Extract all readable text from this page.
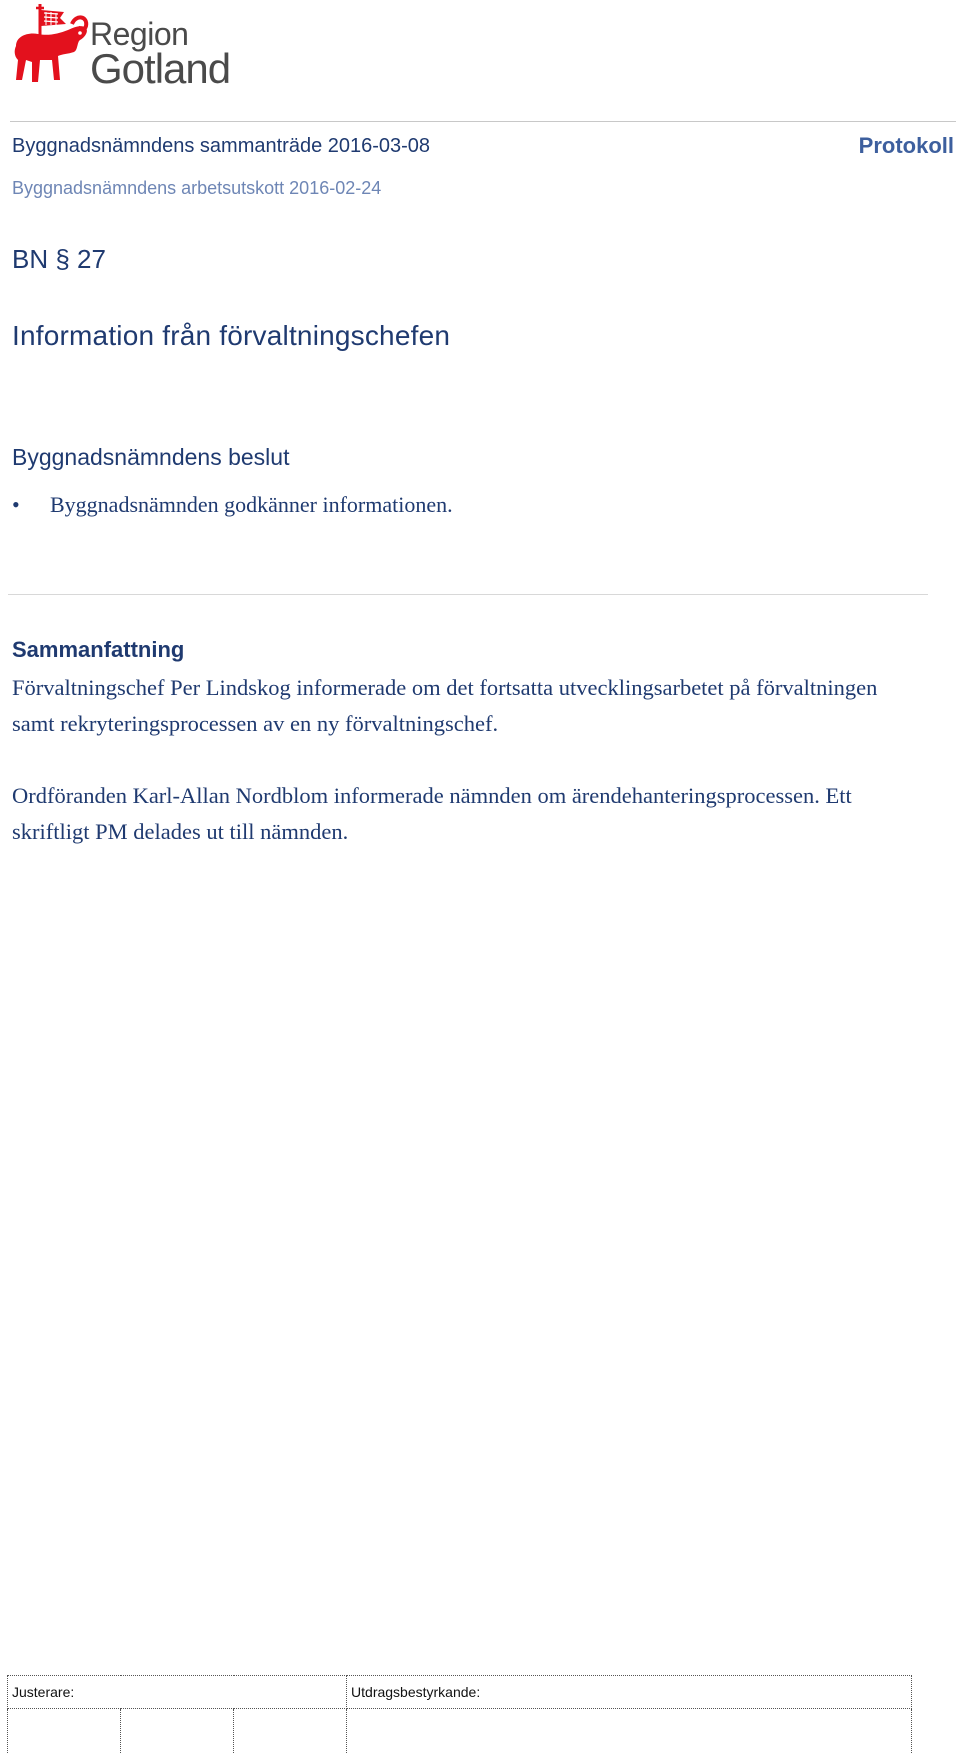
Region
Gotland
Byggnadsnämndens sammanträde 2016-03-08	Protokoll
Byggnadsnämndens arbetsutskott 2016-02-24
BN § 27
Information från förvaltningschefen
Byggnadsnämndens beslut
• Byggnadsnämnden godkänner informationen.
Sammanfattning

Förvaltningschef Per Lindskog informerade om det fortsatta utvecklingsarbetet på förvaltningen samt rekryteringsprocessen av en ny förvaltningschef.

Ordföranden Karl-Allan Nordblom informerade nämnden om ärendehanteringsprocessen. Ett skriftligt PM delades ut till nämnden.

Justerare:			Utdragsbestyrkande:
